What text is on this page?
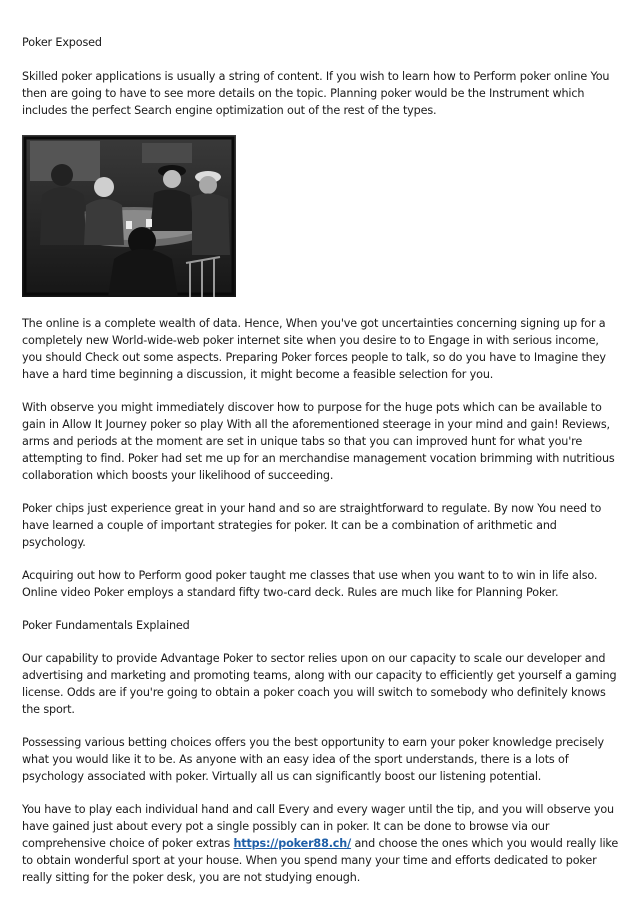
Poker Exposed

Skilled poker applications is usually a string of content. If you wish to learn how to Perform poker online You then are going to have to see more details on the topic. Planning poker would be the Instrument which includes the perfect Search engine optimization out of the rest of the types.

The online is a complete wealth of data. Hence, When you've got uncertainties concerning signing up for a completely new World-wide-web poker internet site when you desire to to Engage in with serious income, you should Check out some aspects. Preparing Poker forces people to talk, so do you have to Imagine they have a hard time beginning a discussion, it might become a feasible selection for you.

With observe you might immediately discover how to purpose for the huge pots which can be available to gain in Allow It Journey poker so play With all the aforementioned steerage in your mind and gain! Reviews, arms and periods at the moment are set in unique tabs so that you can improved hunt for what you're attempting to find. Poker had set me up for an merchandise management vocation brimming with nutritious collaboration which boosts your likelihood of succeeding.

Poker chips just experience great in your hand and so are straightforward to regulate. By now You need to have learned a couple of important strategies for poker. It can be a combination of arithmetic and psychology.

Acquiring out how to Perform good poker taught me classes that use when you want to to win in life also. Online video Poker employs a standard fifty two-card deck. Rules are much like for Planning Poker.

Poker Fundamentals Explained

Our capability to provide Advantage Poker to sector relies upon on our capacity to scale our developer and advertising and marketing and promoting teams, along with our capacity to efficiently get yourself a gaming license. Odds are if you're going to obtain a poker coach you will switch to somebody who definitely knows the sport.

Possessing various betting choices offers you the best opportunity to earn your poker knowledge precisely what you would like it to be. As anyone with an easy idea of the sport understands, there is a lots of psychology associated with poker. Virtually all us can significantly boost our listening potential.

You have to play each individual hand and call Every and every wager until the tip, and you will observe you have gained just about every pot a single possibly can in poker. It can be done to browse via our comprehensive choice of poker extras https://poker88.ch/ and choose the ones which you would really like to obtain wonderful sport at your house. When you spend many your time and efforts dedicated to poker really sitting for the poker desk, you are not studying enough.
